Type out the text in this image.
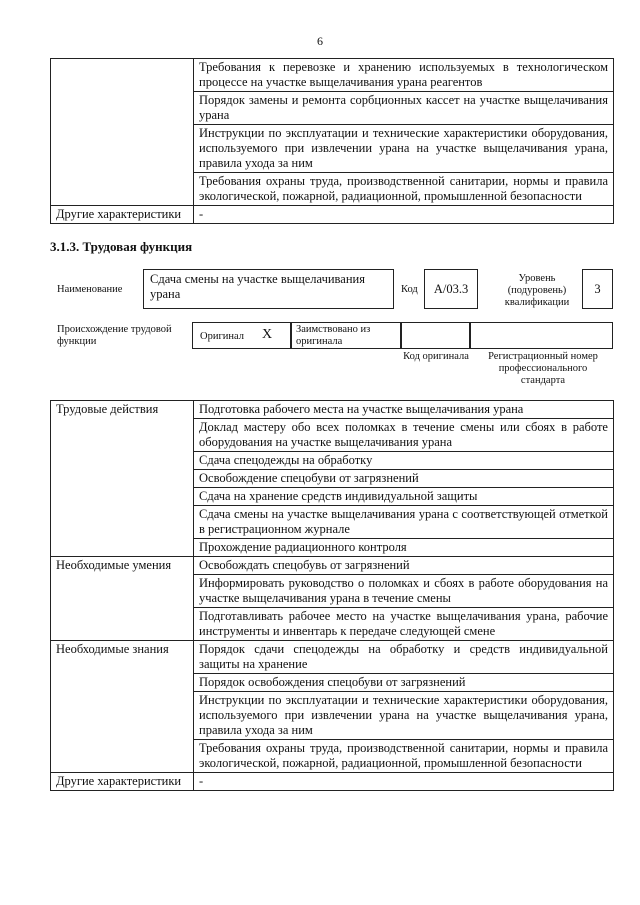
6
	Требования к перевозке и хранению используемых в технологическом процессе на участке выщелачивания урана реагентов
	Порядок замены и ремонта сорбционных кассет на участке выщелачивания урана
	Инструкции по эксплуатации и технические характеристики оборудования, используемого при извлечении урана на участке выщелачивания урана, правила ухода за ним
	Требования охраны труда, производственной санитарии, нормы и правила экологической, пожарной, радиационной, промышленной безопасности
Другие характеристики	-
3.1.3. Трудовая функция
Наименование
Сдача смены на участке выщелачивания урана	Код	А/03.3
Уровень (подуровень) квалификации
3
Происхождение трудовой функции	Оригинал X Заимствовано из оригинала
Код оригинала	Регистрационный номер профессионального стандарта
Трудовые действия	Подготовка рабочего места на участке выщелачивания урана
	Доклад мастеру обо всех поломках в течение смены или сбоях в работе оборудования на участке выщелачивания урана
	Сдача спецодежды на обработку
	Освобождение спецобуви от загрязнений
	Сдача на хранение средств индивидуальной защиты
	Сдача смены на участке выщелачивания урана с соответствующей отметкой в регистрационном журнале
	Прохождение радиационного контроля
Необходимые умения	Освобождать спецобувь от загрязнений
	Информировать руководство о поломках и сбоях в работе оборудования на участке выщелачивания урана в течение смены
	Подготавливать рабочее место на участке выщелачивания урана, рабочие инструменты и инвентарь к передаче следующей смене
Необходимые знания	Порядок сдачи спецодежды на обработку и средств индивидуальной защиты на хранение
	Порядок освобождения спецобуви от загрязнений
	Инструкции по эксплуатации и технические характеристики оборудования, используемого при извлечении урана на участке выщелачивания урана, правила ухода за ним
	Требования охраны труда, производственной санитарии, нормы и правила экологической, пожарной, радиационной, промышленной безопасности
Другие характеристики	-
